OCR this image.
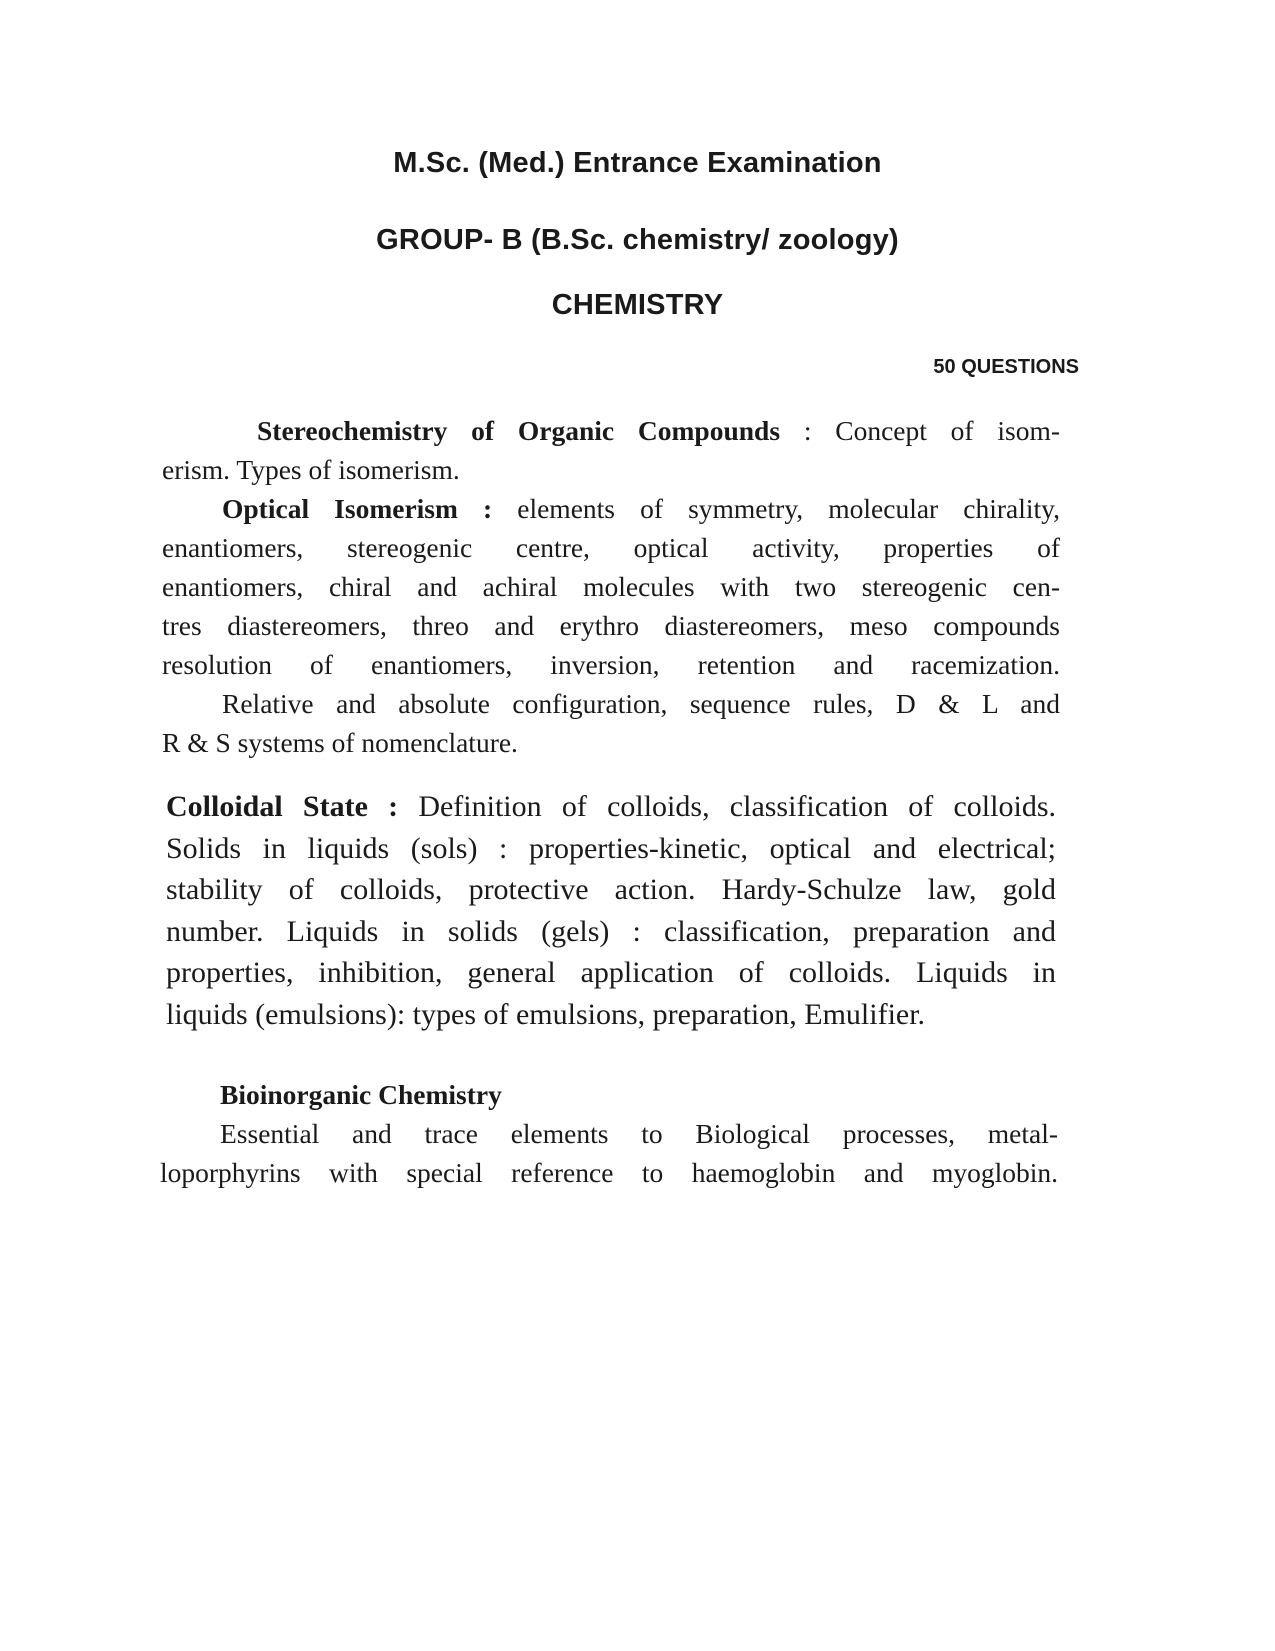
M.Sc. (Med.) Entrance Examination
GROUP- B (B.Sc. chemistry/ zoology)
CHEMISTRY
50 QUESTIONS
Stereochemistry of Organic Compounds : Concept of isom-
erism. Types of isomerism.
Optical Isomerism : elements of symmetry, molecular chirality,
enantiomers, stereogenic centre, optical activity, properties of
enantiomers, chiral and achiral molecules with two stereogenic cen-
tres diastereomers, threo and erythro diastereomers, meso compounds
resolution of enantiomers, inversion, retention and racemization.
Relative and absolute configuration, sequence rules, D & L and
R & S systems of nomenclature.
Colloidal State : Definition of colloids, classification of colloids.
Solids in liquids (sols) : properties-kinetic, optical and electrical;
stability of colloids, protective action. Hardy-Schulze law, gold
number. Liquids in solids (gels) : classification, preparation and
properties, inhibition, general application of colloids. Liquids in
liquids (emulsions): types of emulsions, preparation, Emulifier.
Bioinorganic Chemistry
Essential and trace elements to Biological processes, metal-
loporphyrins with special reference to haemoglobin and myoglobin.
